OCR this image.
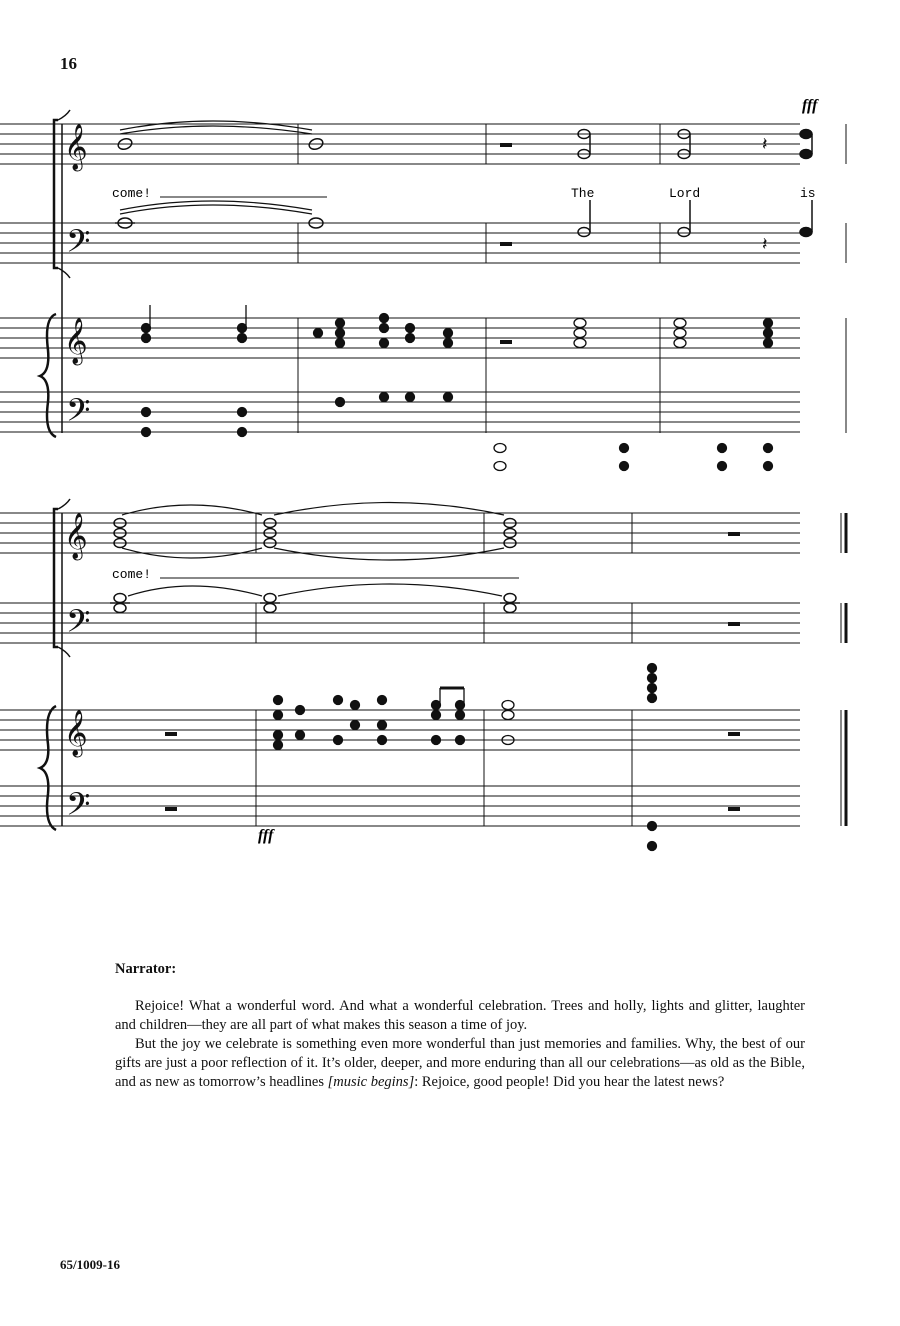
16
𝄞
𝄢
𝄞
𝄢
𝄽
𝄽
fff
come!	The	Lord	is
𝄞
𝄢
𝄞
𝄢
fff
come!
Narrator:

Rejoice! What a wonderful word. And what a wonderful celebration. Trees and holly, lights and glitter, laughter and children—they are all part of what makes this season a time of joy.

But the joy we celebrate is something even more wonderful than just memories and families. Why, the best of our gifts are just a poor reflection of it. It’s older, deeper, and more enduring than all our celebrations—as old as the Bible, and as new as tomorrow’s headlines [music begins]: Rejoice, good people! Did you hear the latest news?

65/1009-16
